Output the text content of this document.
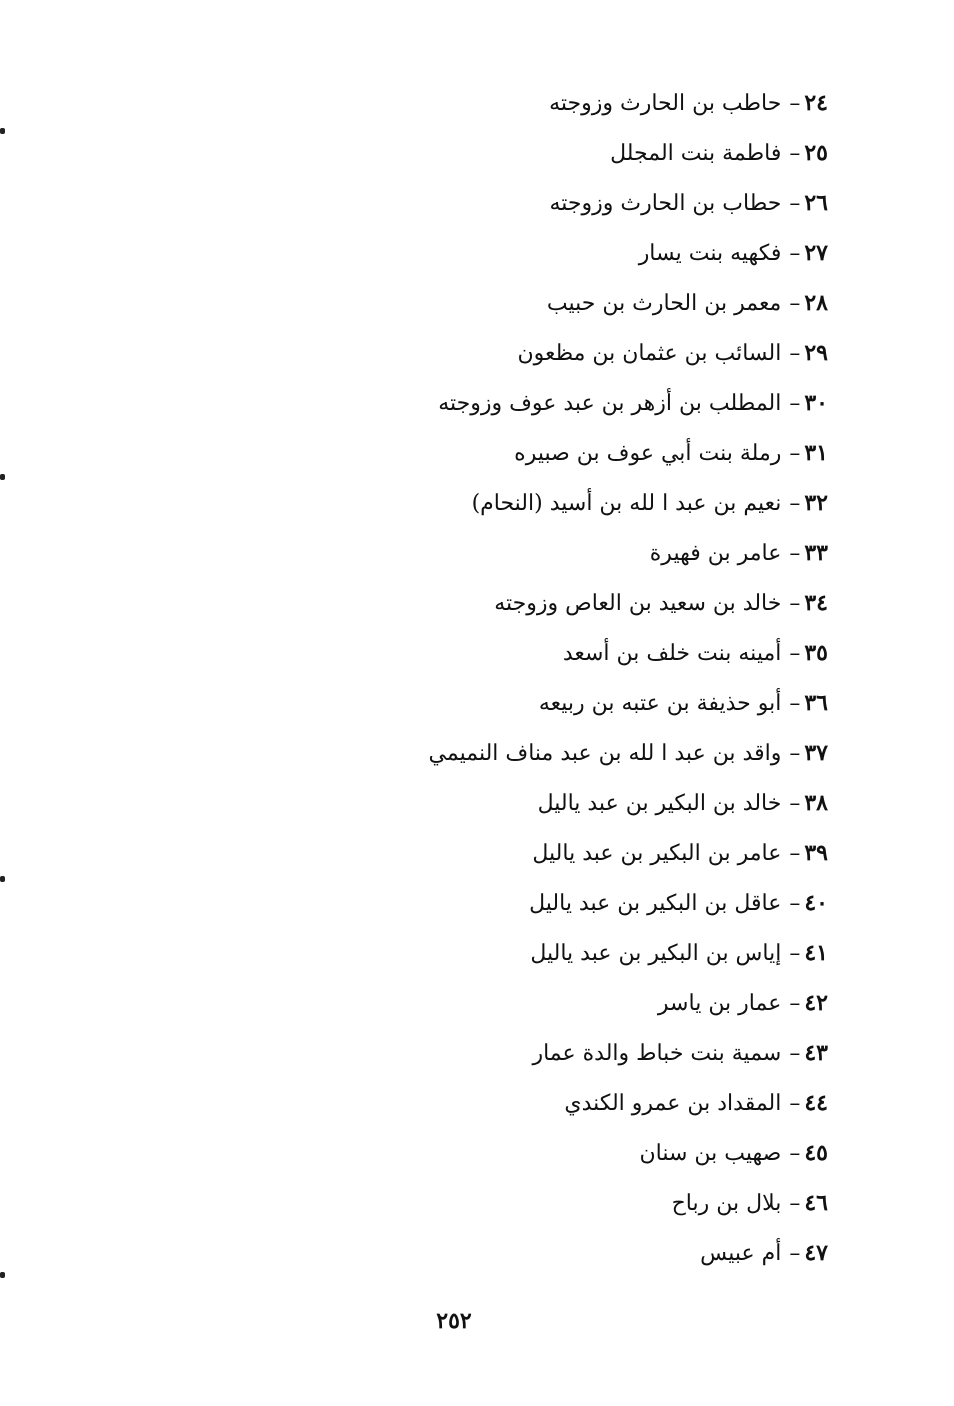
٢٤–حاطب بن الحارث وزوجته
٢٥–فاطمة بنت المجلل
٢٦–حطاب بن الحارث وزوجته
٢٧–فكهيه بنت يسار
٢٨–معمر بن الحارث بن حبيب
٢٩–السائب بن عثمان بن مظعون
٣٠–المطلب بن أزهر بن عبد عوف وزوجته
٣١–رملة بنت أبي عوف بن صبيره
٣٢–نعيم بن عبد ا لله بن أسيد (النحام)
٣٣–عامر بن فهيرة
٣٤–خالد بن سعيد بن العاص وزوجته
٣٥–أمينه بنت خلف بن أسعد
٣٦–أبو حذيفة بن عتبه بن ربيعه
٣٧–واقد بن عبد ا لله بن عبد مناف النميمي
٣٨–خالد بن البكير بن عبد ياليل
٣٩–عامر بن البكير بن عبد ياليل
٤٠–عاقل بن البكير بن عبد ياليل
٤١–إياس بن البكير بن عبد ياليل
٤٢–عمار بن ياسر
٤٣–سمية بنت خباط والدة عمار
٤٤–المقداد بن عمرو الكندي
٤٥–صهيب بن سنان
٤٦–بلال بن رباح
٤٧–أم عبيس
٢٥٢
